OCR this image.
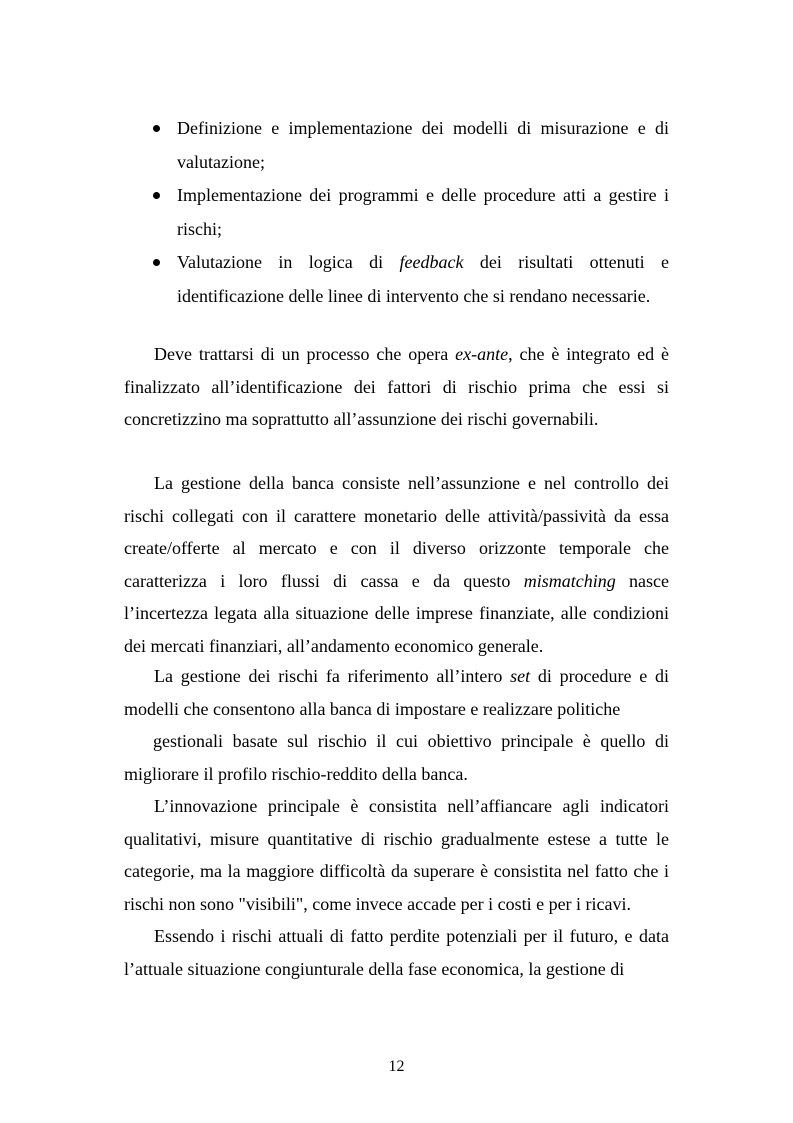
Definizione e implementazione dei modelli di misurazione e di valutazione;
Implementazione dei programmi e delle procedure atti a gestire i rischi;
Valutazione in logica di feedback dei risultati ottenuti e identificazione delle linee di intervento che si rendano necessarie.

Deve trattarsi di un processo che opera ex-ante, che è integrato ed è finalizzato all’identificazione dei fattori di rischio prima che essi si concretizzino ma soprattutto all’assunzione dei rischi governabili.

La gestione della banca consiste nell’assunzione e nel controllo dei rischi collegati con il carattere monetario delle attività/passività da essa create/offerte al mercato e con il diverso orizzonte temporale che caratterizza i loro flussi di cassa e da questo mismatching nasce l’incertezza legata alla situazione delle imprese finanziate, alle condizioni dei mercati finanziari, all’andamento economico generale.

La gestione dei rischi fa riferimento all’intero set di procedure e di modelli che consentono alla banca di impostare e realizzare politiche

gestionali basate sul rischio il cui obiettivo principale è quello di migliorare il profilo rischio-reddito della banca.

L’innovazione principale è consistita nell’affiancare agli indicatori qualitativi, misure quantitative di rischio gradualmente estese a tutte le categorie, ma la maggiore difficoltà da superare è consistita nel fatto che i rischi non sono "visibili", come invece accade per i costi e per i ricavi.

Essendo i rischi attuali di fatto perdite potenziali per il futuro, e data l’attuale situazione congiunturale della fase economica, la gestione di

12
